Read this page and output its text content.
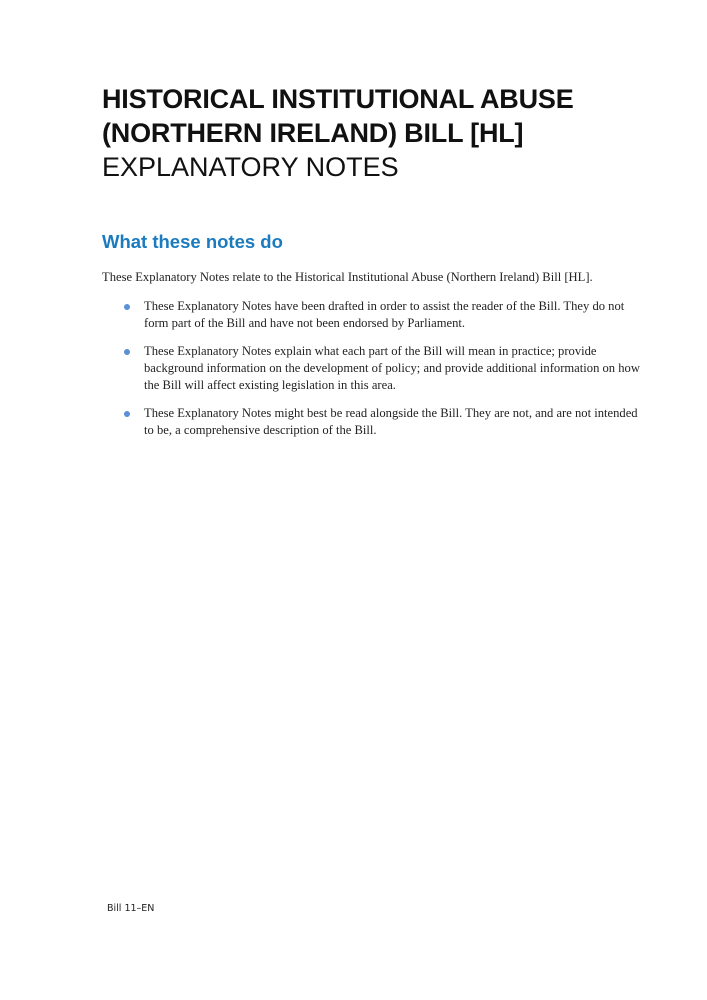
HISTORICAL INSTITUTIONAL ABUSE

(NORTHERN IRELAND) BILL [HL]

EXPLANATORY NOTES

What these notes do

These Explanatory Notes relate to the Historical Institutional Abuse (Northern Ireland) Bill [HL].

These Explanatory Notes have been drafted in order to assist the reader of the Bill. They do not form part of the Bill and have not been endorsed by Parliament.
These Explanatory Notes explain what each part of the Bill will mean in practice; provide background information on the development of policy; and provide additional information on how the Bill will affect existing legislation in this area.
These Explanatory Notes might best be read alongside the Bill. They are not, and are not intended to be, a comprehensive description of the Bill.
Bill 11–EN
